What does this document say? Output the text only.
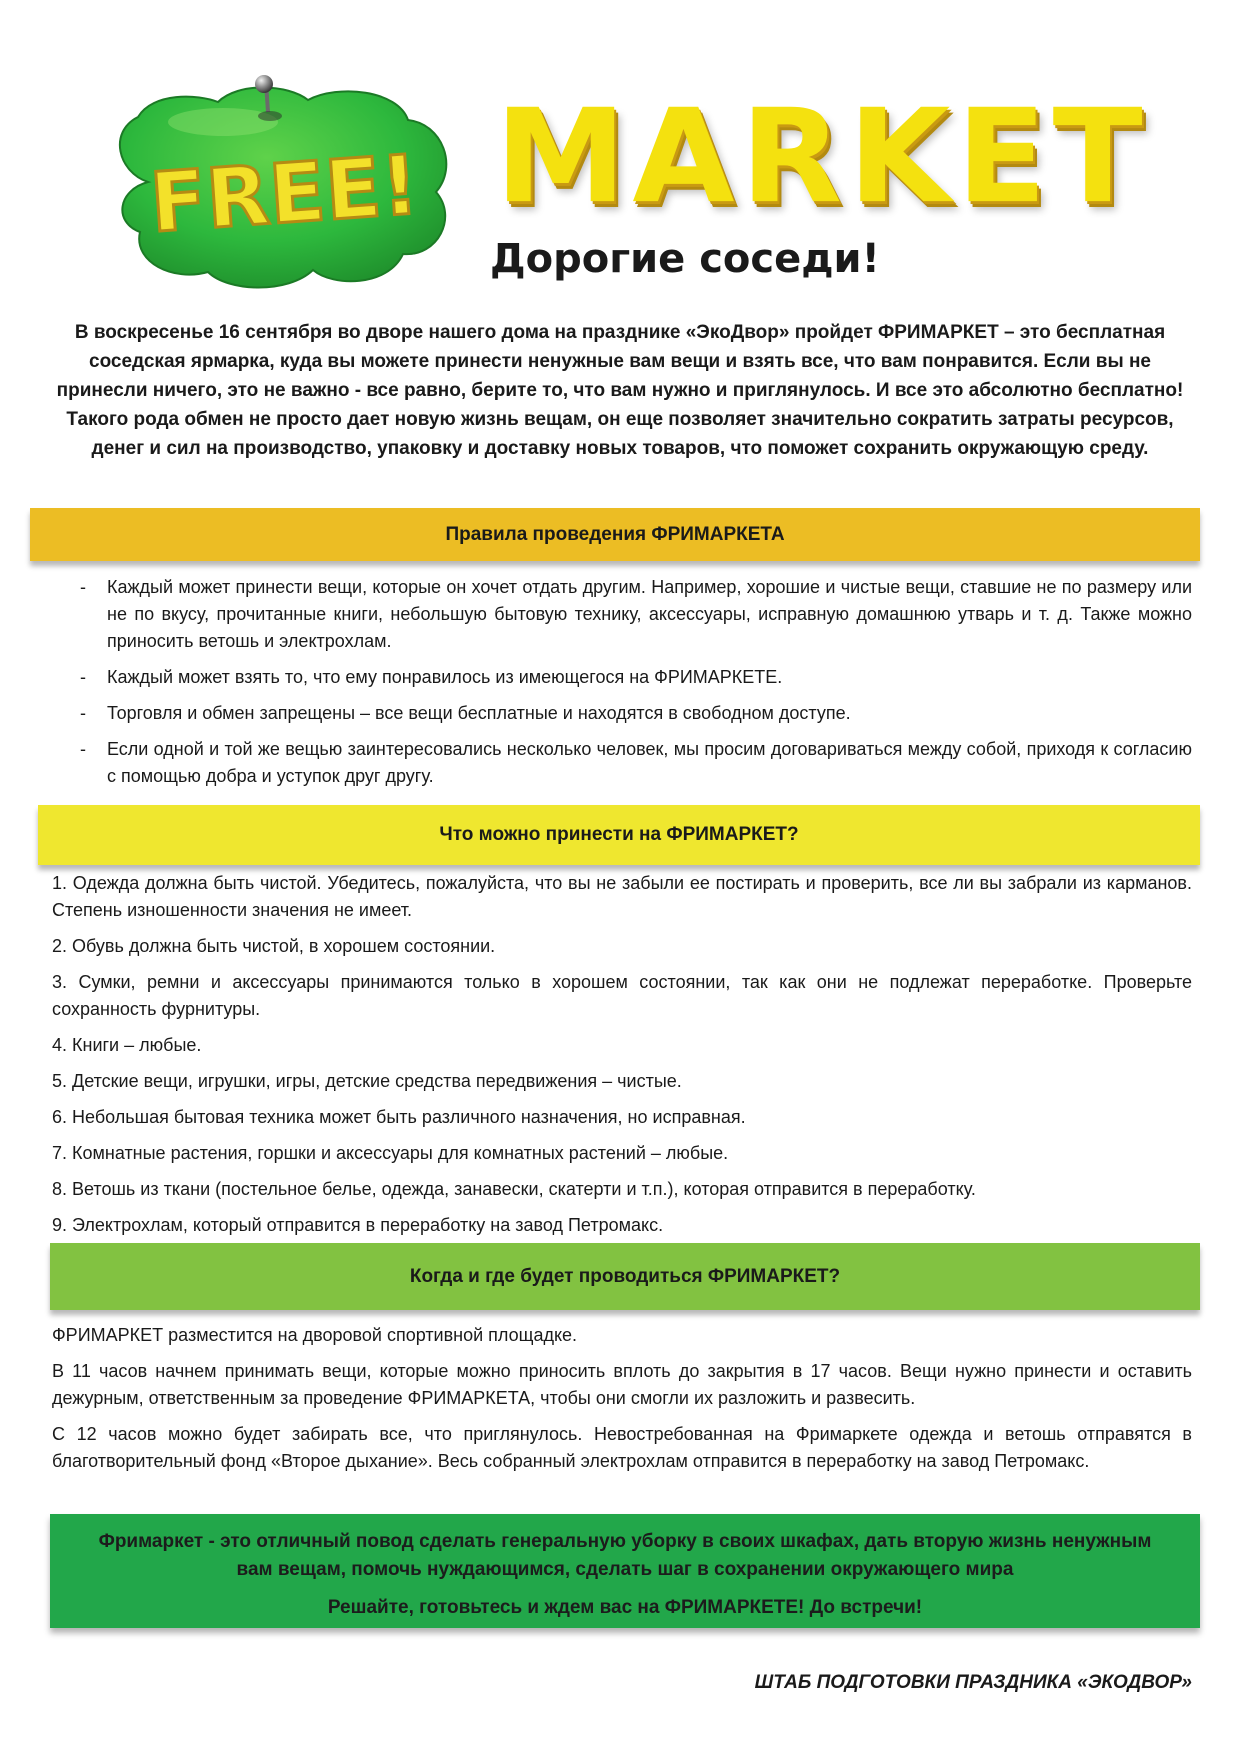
FREE! MARKET
Дорогие соседи!

В воскресенье 16 сентября во дворе нашего дома на празднике «ЭкоДвор» пройдет ФРИМАРКЕТ – это бесплатная соседская ярмарка, куда вы можете принести ненужные вам вещи и взять все, что вам понравится. Если вы не принесли ничего, это не важно - все равно, берите то, что вам нужно и приглянулось. И все это абсолютно бесплатно! Такого рода обмен не просто дает новую жизнь вещам, он еще позволяет значительно сократить затраты ресурсов, денег и сил на производство, упаковку и доставку новых товаров, что поможет сохранить окружающую среду.

Правила проведения ФРИМАРКЕТА
- Каждый может принести вещи, которые он хочет отдать другим. Например, хорошие и чистые вещи, ставшие не по размеру или не по вкусу, прочитанные книги, небольшую бытовую технику, аксессуары, исправную домашнюю утварь и т. д. Также можно приносить ветошь и электрохлам.
- Каждый может взять то, что ему понравилось из имеющегося на ФРИМАРКЕТЕ.
- Торговля и обмен запрещены – все вещи бесплатные и находятся в свободном доступе.
- Если одной и той же вещью заинтересовались несколько человек, мы просим договариваться между собой, приходя к согласию с помощью добра и уступок друг другу.
Что можно принести на ФРИМАРКЕТ?
1. Одежда должна быть чистой. Убедитесь, пожалуйста, что вы не забыли ее постирать и проверить, все ли вы забрали из карманов. Степень изношенности значения не имеет.
2. Обувь должна быть чистой, в хорошем состоянии.
3. Сумки, ремни и аксессуары принимаются только в хорошем состоянии, так как они не подлежат переработке. Проверьте сохранность фурнитуры.
4. Книги – любые.
5. Детские вещи, игрушки, игры, детские средства передвижения – чистые.
6. Небольшая бытовая техника может быть различного назначения, но исправная.
7. Комнатные растения, горшки и аксессуары для комнатных растений – любые.
8. Ветошь из ткани (постельное белье, одежда, занавески, скатерти и т.п.), которая отправится в переработку.
9. Электрохлам, который отправится в переработку на завод Петромакс.
Когда и где будет проводиться ФРИМАРКЕТ?

ФРИМАРКЕТ разместится на дворовой спортивной площадке.

В 11 часов начнем принимать вещи, которые можно приносить вплоть до закрытия в 17 часов. Вещи нужно принести и оставить дежурным, ответственным за проведение ФРИМАРКЕТА, чтобы они смогли их разложить и развесить.

С 12 часов можно будет забирать все, что приглянулось. Невостребованная на Фримаркете одежда и ветошь отправятся в благотворительный фонд «Второе дыхание». Весь собранный электрохлам отправится в переработку на завод Петромакс.

Фримаркет - это отличный повод сделать генеральную уборку в своих шкафах, дать вторую жизнь ненужным вам вещам, помочь нуждающимся, сделать шаг в сохранении окружающего мира
Решайте, готовьтесь и ждем вас на ФРИМАРКЕТЕ! До встречи!

ШТАБ ПОДГОТОВКИ ПРАЗДНИКА «ЭКОДВОР»
